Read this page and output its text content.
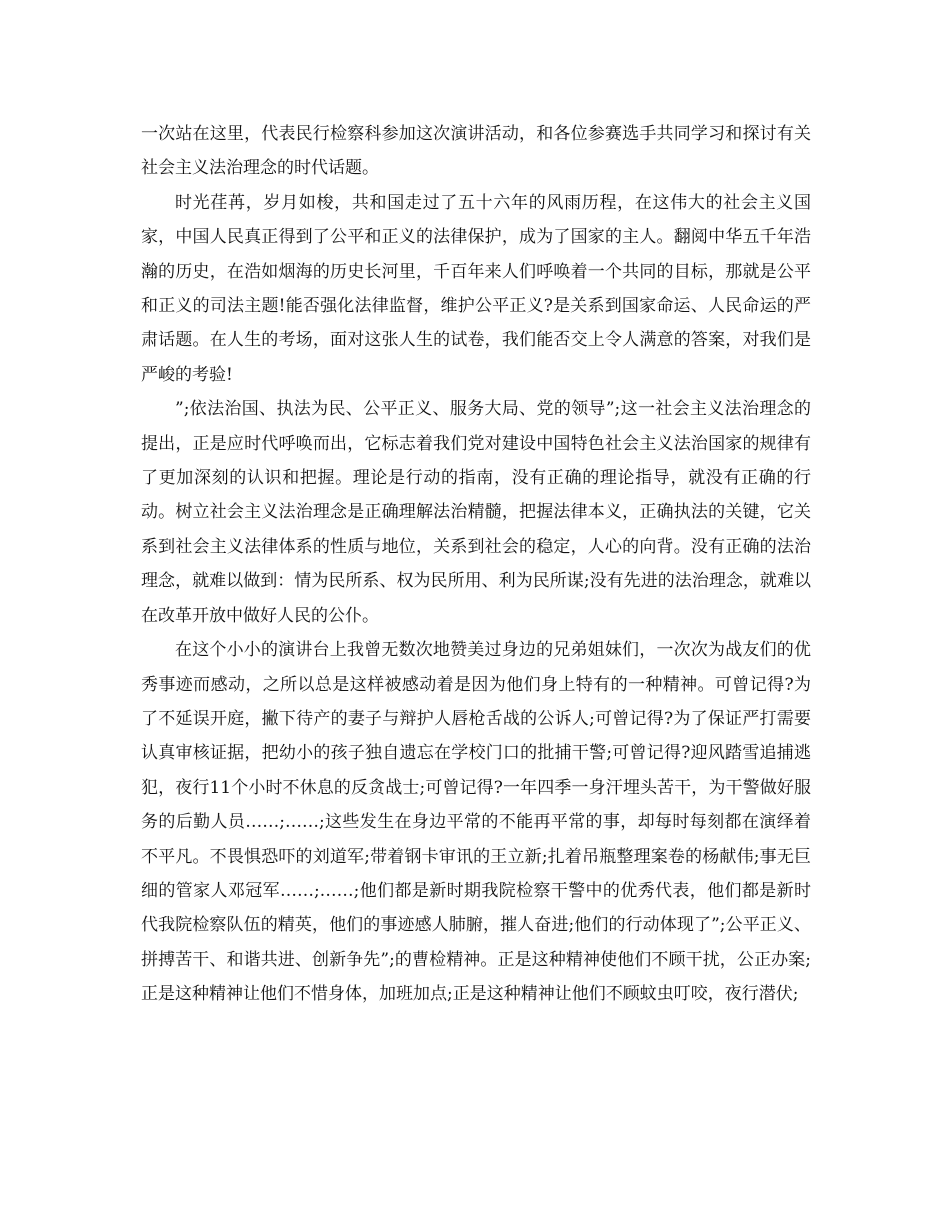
一次站在这里，代表民行检察科参加这次演讲活动，和各位参赛选手共同学习和探讨有关社会主义法治理念的时代话题。

时光荏苒，岁月如梭，共和国走过了五十六年的风雨历程，在这伟大的社会主义国家，中国人民真正得到了公平和正义的法律保护，成为了国家的主人。翻阅中华五千年浩瀚的历史，在浩如烟海的历史长河里，千百年来人们呼唤着一个共同的目标，那就是公平和正义的司法主题!能否强化法律监督，维护公平正义?是关系到国家命运、人民命运的严肃话题。在人生的考场，面对这张人生的试卷，我们能否交上令人满意的答案，对我们是严峻的考验!

”;依法治国、执法为民、公平正义、服务大局、党的领导”;这一社会主义法治理念的提出，正是应时代呼唤而出，它标志着我们党对建设中国特色社会主义法治国家的规律有了更加深刻的认识和把握。理论是行动的指南，没有正确的理论指导，就没有正确的行动。树立社会主义法治理念是正确理解法治精髓，把握法律本义，正确执法的关键，它关系到社会主义法律体系的性质与地位，关系到社会的稳定，人心的向背。没有正确的法治理念，就难以做到：情为民所系、权为民所用、利为民所谋;没有先进的法治理念，就难以在改革开放中做好人民的公仆。

在这个小小的演讲台上我曾无数次地赞美过身边的兄弟姐妹们，一次次为战友们的优秀事迹而感动，之所以总是这样被感动着是因为他们身上特有的一种精神。可曾记得?为了不延误开庭，撇下待产的妻子与辩护人唇枪舌战的公诉人;可曾记得?为了保证严打需要认真审核证据，把幼小的孩子独自遗忘在学校门口的批捕干警;可曾记得?迎风踏雪追捕逃犯，夜行11个小时不休息的反贪战士;可曾记得?一年四季一身汗埋头苦干，为干警做好服务的后勤人员……;……;这些发生在身边平常的不能再平常的事，却每时每刻都在演绎着不平凡。不畏惧恐吓的刘道军;带着钢卡审讯的王立新;扎着吊瓶整理案卷的杨献伟;事无巨细的管家人邓冠军……;……;他们都是新时期我院检察干警中的优秀代表，他们都是新时代我院检察队伍的精英，他们的事迹感人肺腑，摧人奋进;他们的行动体现了”;公平正义、拼搏苦干、和谐共进、创新争先”;的曹检精神。正是这种精神使他们不顾干扰，公正办案;正是这种精神让他们不惜身体，加班加点;正是这种精神让他们不顾蚊虫叮咬，夜行潜伏;
